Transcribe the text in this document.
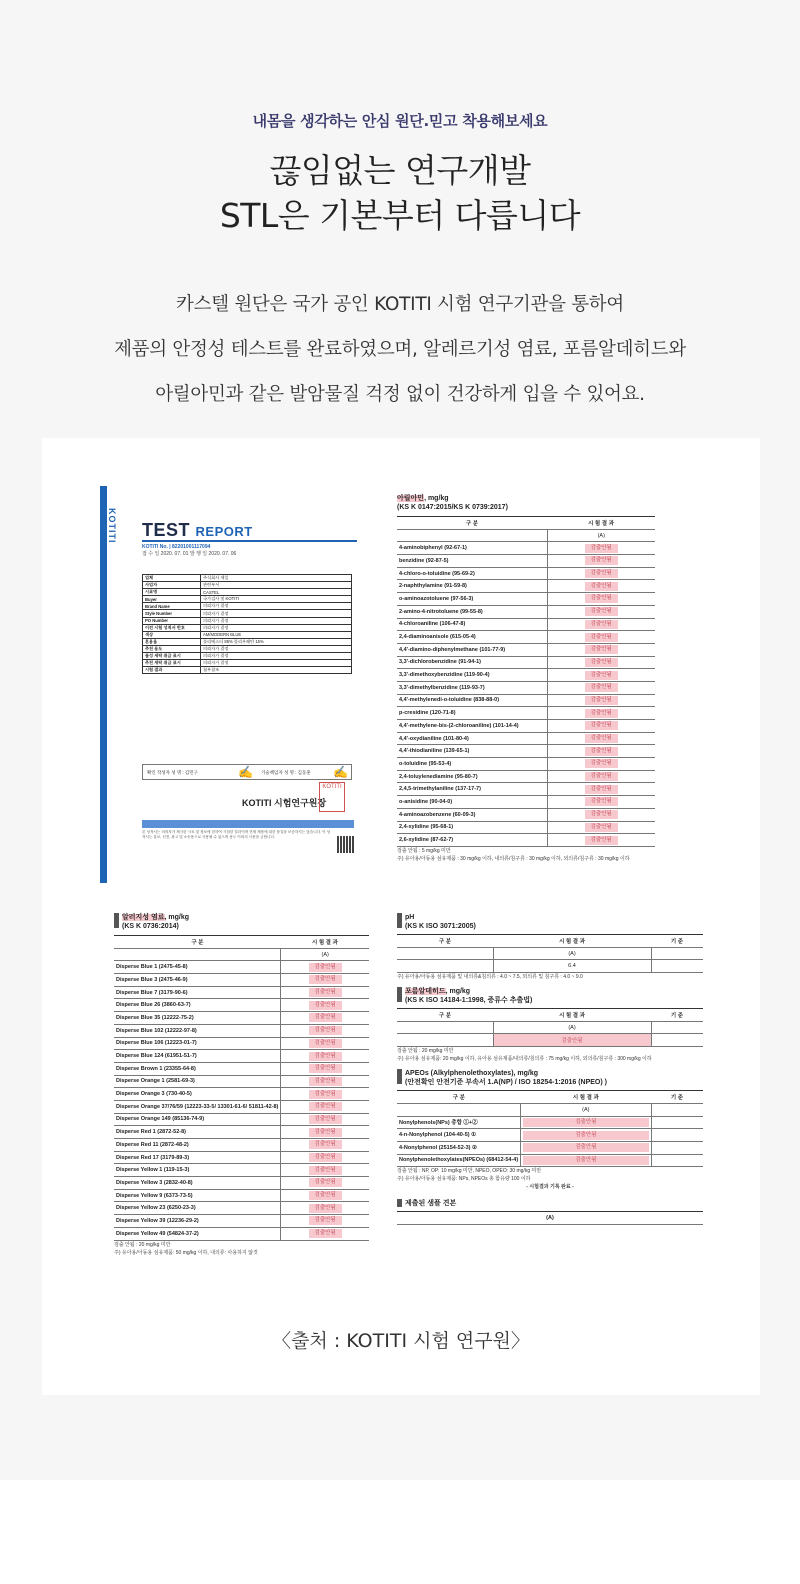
내몸을 생각하는 안심 원단.믿고 착용해보세요
끊임없는 연구개발
STL은 기본부터 다릅니다
카스텔 원단은 국가 공인 KOTITI 시험 연구기관을 통하여
제품의 안정성 테스트를 완료하였으며, 알레르기성 염료, 포름알데히드와
아릴아민과 같은 발암물질 걱정 없이 건강하게 입을 수 있어요.
KOTITI TEST REPORT
KOTITI No. | 82201001117094
접 수 일 2020. 07. 01 발 행 일 2020. 07. 06
업체	주식회사 제일
사업자	관련부서
시료명	CASTEL
Buyer	국가검사 및 KOTITI
Brand Name	의뢰자가 결정
Style Number	의뢰자가 결정
PO Number	의뢰자가 결정
이전 시험 성적서 번호	의뢰자가 결정
색상	AM/MODERN BLUE
혼용율	폴리에스터 85% 폴리우레탄 15%
추천 용도	의뢰자가 결정
물성 세탁 취급 표시	의뢰자가 결정
추천 세탁 취급 표시	의뢰자가 결정
시험 결과	첨부참조
확인 작성자 성 명 : 김민구	✍ 기술책임자 성 명 : 김동훈 ✍
KOTITI 시험연구원장
KOTITI
본 성적서는 의뢰자가 제시한 시료 및 정보에 한하여 시험한 결과이며 전체 제품에 대한 품질을 보증하지는 않습니다. 이 성적서는 홍보, 선전, 광고 및 소송용으로 사용될 수 없으며 용도 이외의 사용을 금합니다.
아릴아민, mg/kg
(KS K 0147:2015/KS K 0739:2017)
구 분	시 험 결 과
	(A)
4-aminobiphenyl (92-67-1)	검출안됨
benzidine (92-87-5)	검출안됨
4-chloro-o-toluidine (95-69-2)	검출안됨
2-naphthylamine (91-59-8)	검출안됨
o-aminoazotoluene (97-56-3)	검출안됨
2-amino-4-nitrotoluene (99-55-8)	검출안됨
4-chloroaniline (106-47-8)	검출안됨
2,4-diaminoanisole (615-05-4)	검출안됨
4,4'-diamino-diphenylmethane (101-77-9)	검출안됨
3,3'-dichlorobenzidine (91-94-1)	검출안됨
3,3'-dimethoxybenzidine (119-90-4)	검출안됨
3,3'-dimethylbenzidine (119-93-7)	검출안됨
4,4'-methylenedi-o-toluidine (838-88-0)	검출안됨
p-cresidine (120-71-8)	검출안됨
4,4'-methylene-bis-(2-chloroaniline) (101-14-4)	검출안됨
4,4'-oxydianiline (101-80-4)	검출안됨
4,4'-thiodianiline (139-65-1)	검출안됨
o-toluidine (95-53-4)	검출안됨
2,4-toluylenediamine (95-80-7)	검출안됨
2,4,5-trimethylaniline (137-17-7)	검출안됨
o-anisidine (90-04-0)	검출안됨
4-aminoazobenzene (60-09-3)	검출안됨
2,4-xylidine (95-68-1)	검출안됨
2,6-xylidine (87-62-7)	검출안됨
검출 안됨 : 5 mg/kg 미만
주) 유아용/아동용 섬유제품 : 30 mg/kg 이하, 내의류/침구류 : 30 mg/kg 이하, 외의류/침구류 : 30 mg/kg 이하
알러지성 염료, mg/kg
(KS K 0736:2014)
구 분	시 험 결 과
	(A)
Disperse Blue 1 (2475-45-8)	검출안됨
Disperse Blue 3 (2475-46-9)	검출안됨
Disperse Blue 7 (3179-90-6)	검출안됨
Disperse Blue 26 (3860-63-7)	검출안됨
Disperse Blue 35 (12222-75-2)	검출안됨
Disperse Blue 102 (12222-97-8)	검출안됨
Disperse Blue 106 (12223-01-7)	검출안됨
Disperse Blue 124 (61951-51-7)	검출안됨
Disperse Brown 1 (23355-64-8)	검출안됨
Disperse Orange 1 (2581-69-3)	검출안됨
Disperse Orange 3 (730-40-5)	검출안됨
Disperse Orange 37/76/59 (12223-33-5/ 13301-61-6/ 51811-42-8)	검출안됨
Disperse Orange 149 (85136-74-9)	검출안됨
Disperse Red 1 (2872-52-8)	검출안됨
Disperse Red 11 (2872-48-2)	검출안됨
Disperse Red 17 (3179-89-3)	검출안됨
Disperse Yellow 1 (119-15-3)	검출안됨
Disperse Yellow 3 (2832-40-8)	검출안됨
Disperse Yellow 9 (6373-73-5)	검출안됨
Disperse Yellow 23 (6250-23-3)	검출안됨
Disperse Yellow 39 (12236-29-2)	검출안됨
Disperse Yellow 49 (54824-37-2)	검출안됨
검출 안됨 : 20 mg/kg 미만
주) 유아용/아동용 섬유제품: 50 mg/kg 이하, 내의류: 사용하지 않것
pH
(KS K ISO 3071:2005)
구 분	시 험 결 과	기 준
	(A)	
	6.4	
주) 유아용/아동용 섬유제품 및 내의류&침의류 : 4.0 ~ 7.5, 외의류 및 침구류 : 4.0 ~ 9.0
포름알데히드, mg/kg
(KS K ISO 14184-1:1998, 증류수 추출법)
구 분	시 험 결 과	기 준
	(A)	
	검출안됨	
검출 안됨 : 20 mg/kg 미만
주) 유아용 섬유제품: 20 mg/kg 이하, 유아용 섬유제품/내의류/침의류 : 75 mg/kg 이하, 외의류/침구류 : 300 mg/kg 이하
APEOs (Alkylphenolethoxylates), mg/kg
(안전확인 안전기준 부속서 1.A(NP) / ISO 18254-1:2016 (NPEO) )
구 분	시 험 결 과	기 준
	(A)	
Nonylphenols(NPs) 총합 ①+②	검출안됨	

4-n-Nonylphenol (104-40-5) ①	검출안됨	

4-Nonylphenol (25154-52-3) ②	검출안됨	

Nonylphenolethoxylates(NPEOs) (68412-54-4)	검출안됨	

검출 안됨 : NP, OP: 10 mg/kg 미만, NPEO, OPEO: 30 mg/kg 미만
주) 유아용/아동용 섬유제품: NPs, NPEOs 총 함유량 100 이하
- 시험결과 기록 완료 -
제출된 샘플 견본
(A)
〈출처 : KOTITI 시험 연구원〉
